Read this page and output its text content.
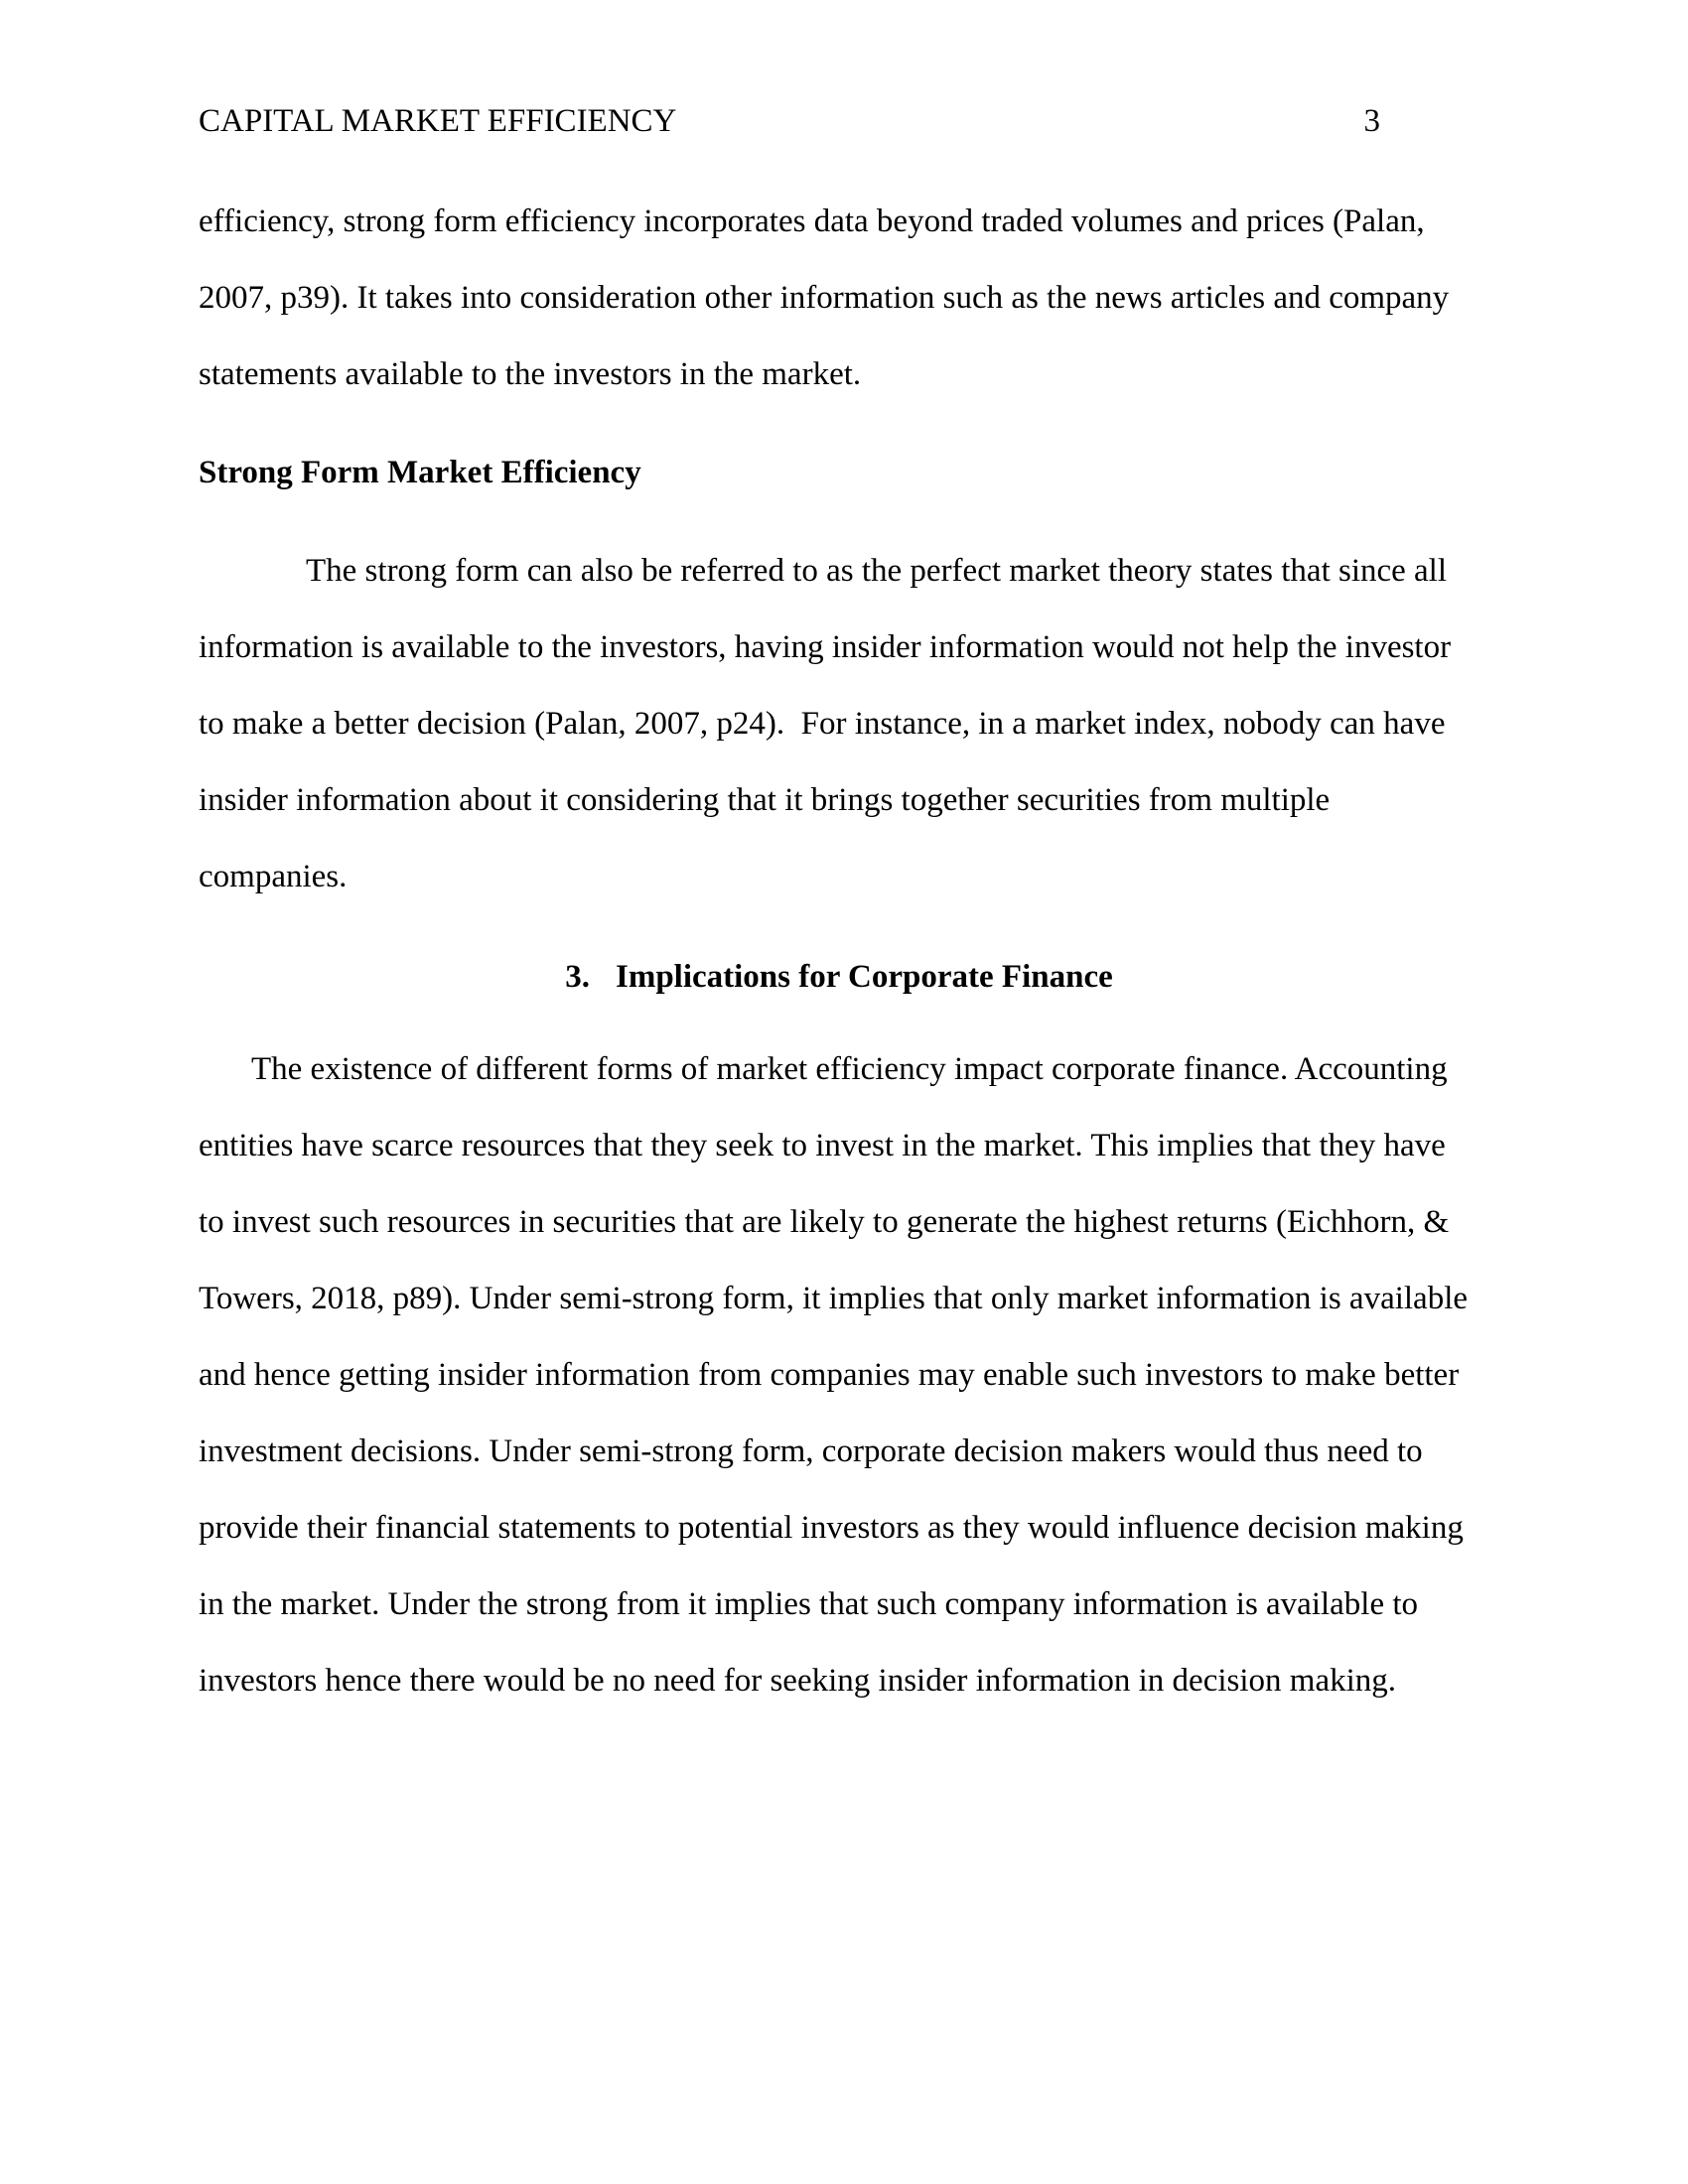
CAPITAL MARKET EFFICIENCY	3
efficiency, strong form efficiency incorporates data beyond traded volumes and prices (Palan,
2007, p39). It takes into consideration other information such as the news articles and company
statements available to the investors in the market.
Strong Form Market Efficiency
The strong form can also be referred to as the perfect market theory states that since all
information is available to the investors, having insider information would not help the investor
to make a better decision (Palan, 2007, p24).  For instance, in a market index, nobody can have
insider information about it considering that it brings together securities from multiple
companies.
3. Implications for Corporate Finance
The existence of different forms of market efficiency impact corporate finance. Accounting
entities have scarce resources that they seek to invest in the market. This implies that they have
to invest such resources in securities that are likely to generate the highest returns (Eichhorn, &
Towers, 2018, p89). Under semi-strong form, it implies that only market information is available
and hence getting insider information from companies may enable such investors to make better
investment decisions. Under semi-strong form, corporate decision makers would thus need to
provide their financial statements to potential investors as they would influence decision making
in the market. Under the strong from it implies that such company information is available to
investors hence there would be no need for seeking insider information in decision making.
